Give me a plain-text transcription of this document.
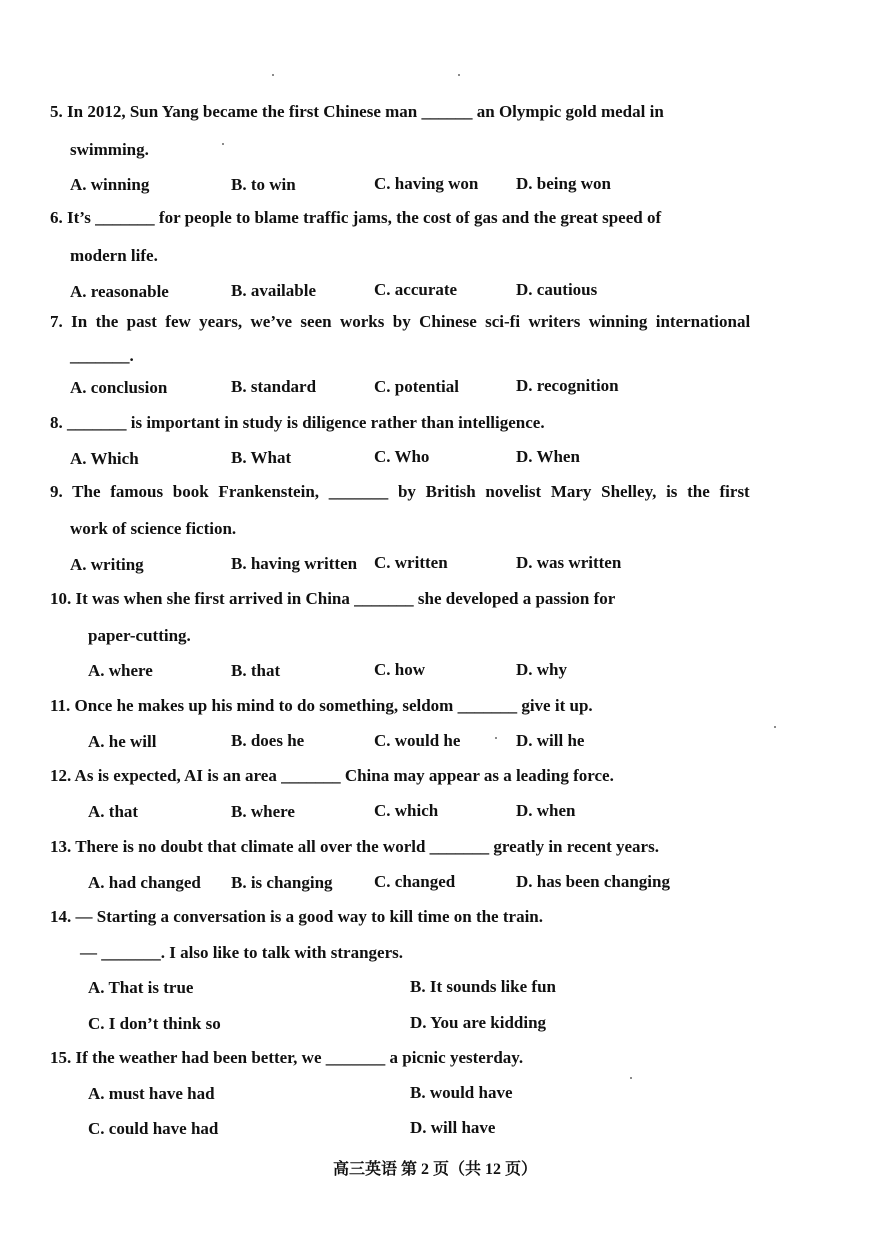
5. In 2012, Sun Yang became the first Chinese man ______ an Olympic gold medal in
swimming.
A. winning	B. to win	C. having won D. being won
6. It’s _______ for people to blame traffic jams, the cost of gas and the great speed of
modern life.
A. reasonable	B. available	C. accurate	D. cautious
7. In the past few years, we’ve seen works by Chinese sci-fi writers winning international
_______.
A. conclusion	B. standard	C. potential	D. recognition
8. _______ is important in study is diligence rather than intelligence.
A. Which	B. What	C. Who	D. When
9. The famous book Frankenstein, _______ by British novelist Mary Shelley, is the first
work of science fiction.
A. writing	B. having written C. written	D. was written
10. It was when she first arrived in China _______ she developed a passion for
paper-cutting.
A. where	B. that	C. how	D. why
11. Once he makes up his mind to do something, seldom _______ give it up.
A. he will	B. does he	C. would he	D. will he
12. As is expected, AI is an area _______ China may appear as a leading force.
A. that	B. where	C. which	D. when
13. There is no doubt that climate all over the world _______ greatly in recent years.
A. had changed B. is changing C. changed	D. has been changing
14. — Starting a conversation is a good way to kill time on the train.
— _______. I also like to talk with strangers.
A. That is true	B. It sounds like fun
C. I don’t think so	D. You are kidding
15. If the weather had been better, we _______ a picnic yesterday.
A. must have had	B. would have
C. could have had	D. will have
高三英语 第 2 页（共 12 页）
